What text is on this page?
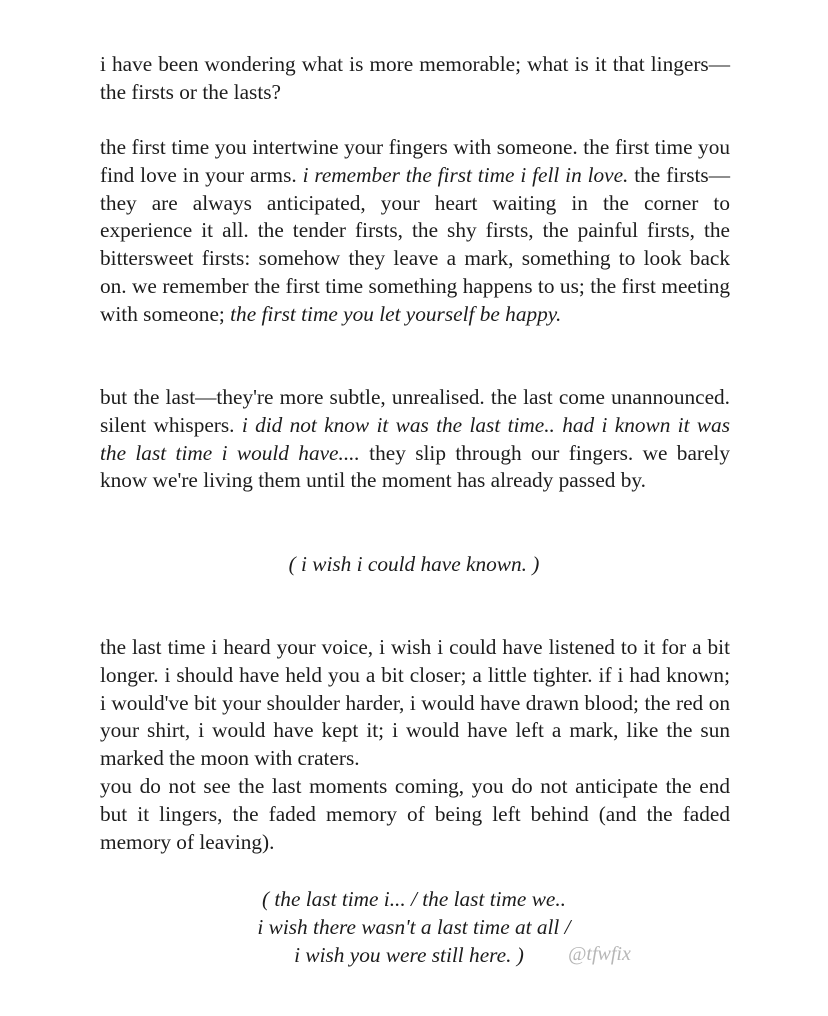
i have been wondering what is more memorable; what is it that lingers—the firsts or the lasts?

the first time you intertwine your fingers with someone. the first time you find love in your arms. i remember the first time i fell in love. the firsts—they are always anticipated, your heart waiting in the corner to experience it all. the tender firsts, the shy firsts, the painful firsts, the bittersweet firsts: somehow they leave a mark, something to look back on. we remember the first time something happens to us; the first meeting with someone; the first time you let yourself be happy.

but the last—they're more subtle, unrealised. the last come unannounced. silent whispers. i did not know it was the last time.. had i known it was the last time i would have.... they slip through our fingers. we barely know we're living them until the moment has already passed by.

( i wish i could have known. )

the last time i heard your voice, i wish i could have listened to it for a bit longer. i should have held you a bit closer; a little tighter. if i had known; i would've bit your shoulder harder, i would have drawn blood; the red on your shirt, i would have kept it; i would have left a mark, like the sun marked the moon with craters.

you do not see the last moments coming, you do not anticipate the end but it lingers, the faded memory of being left behind (and the faded memory of leaving).

( the last time i... / the last time we..
i wish there wasn't a last time at all /
i wish you were still here. )	@tfwfix
